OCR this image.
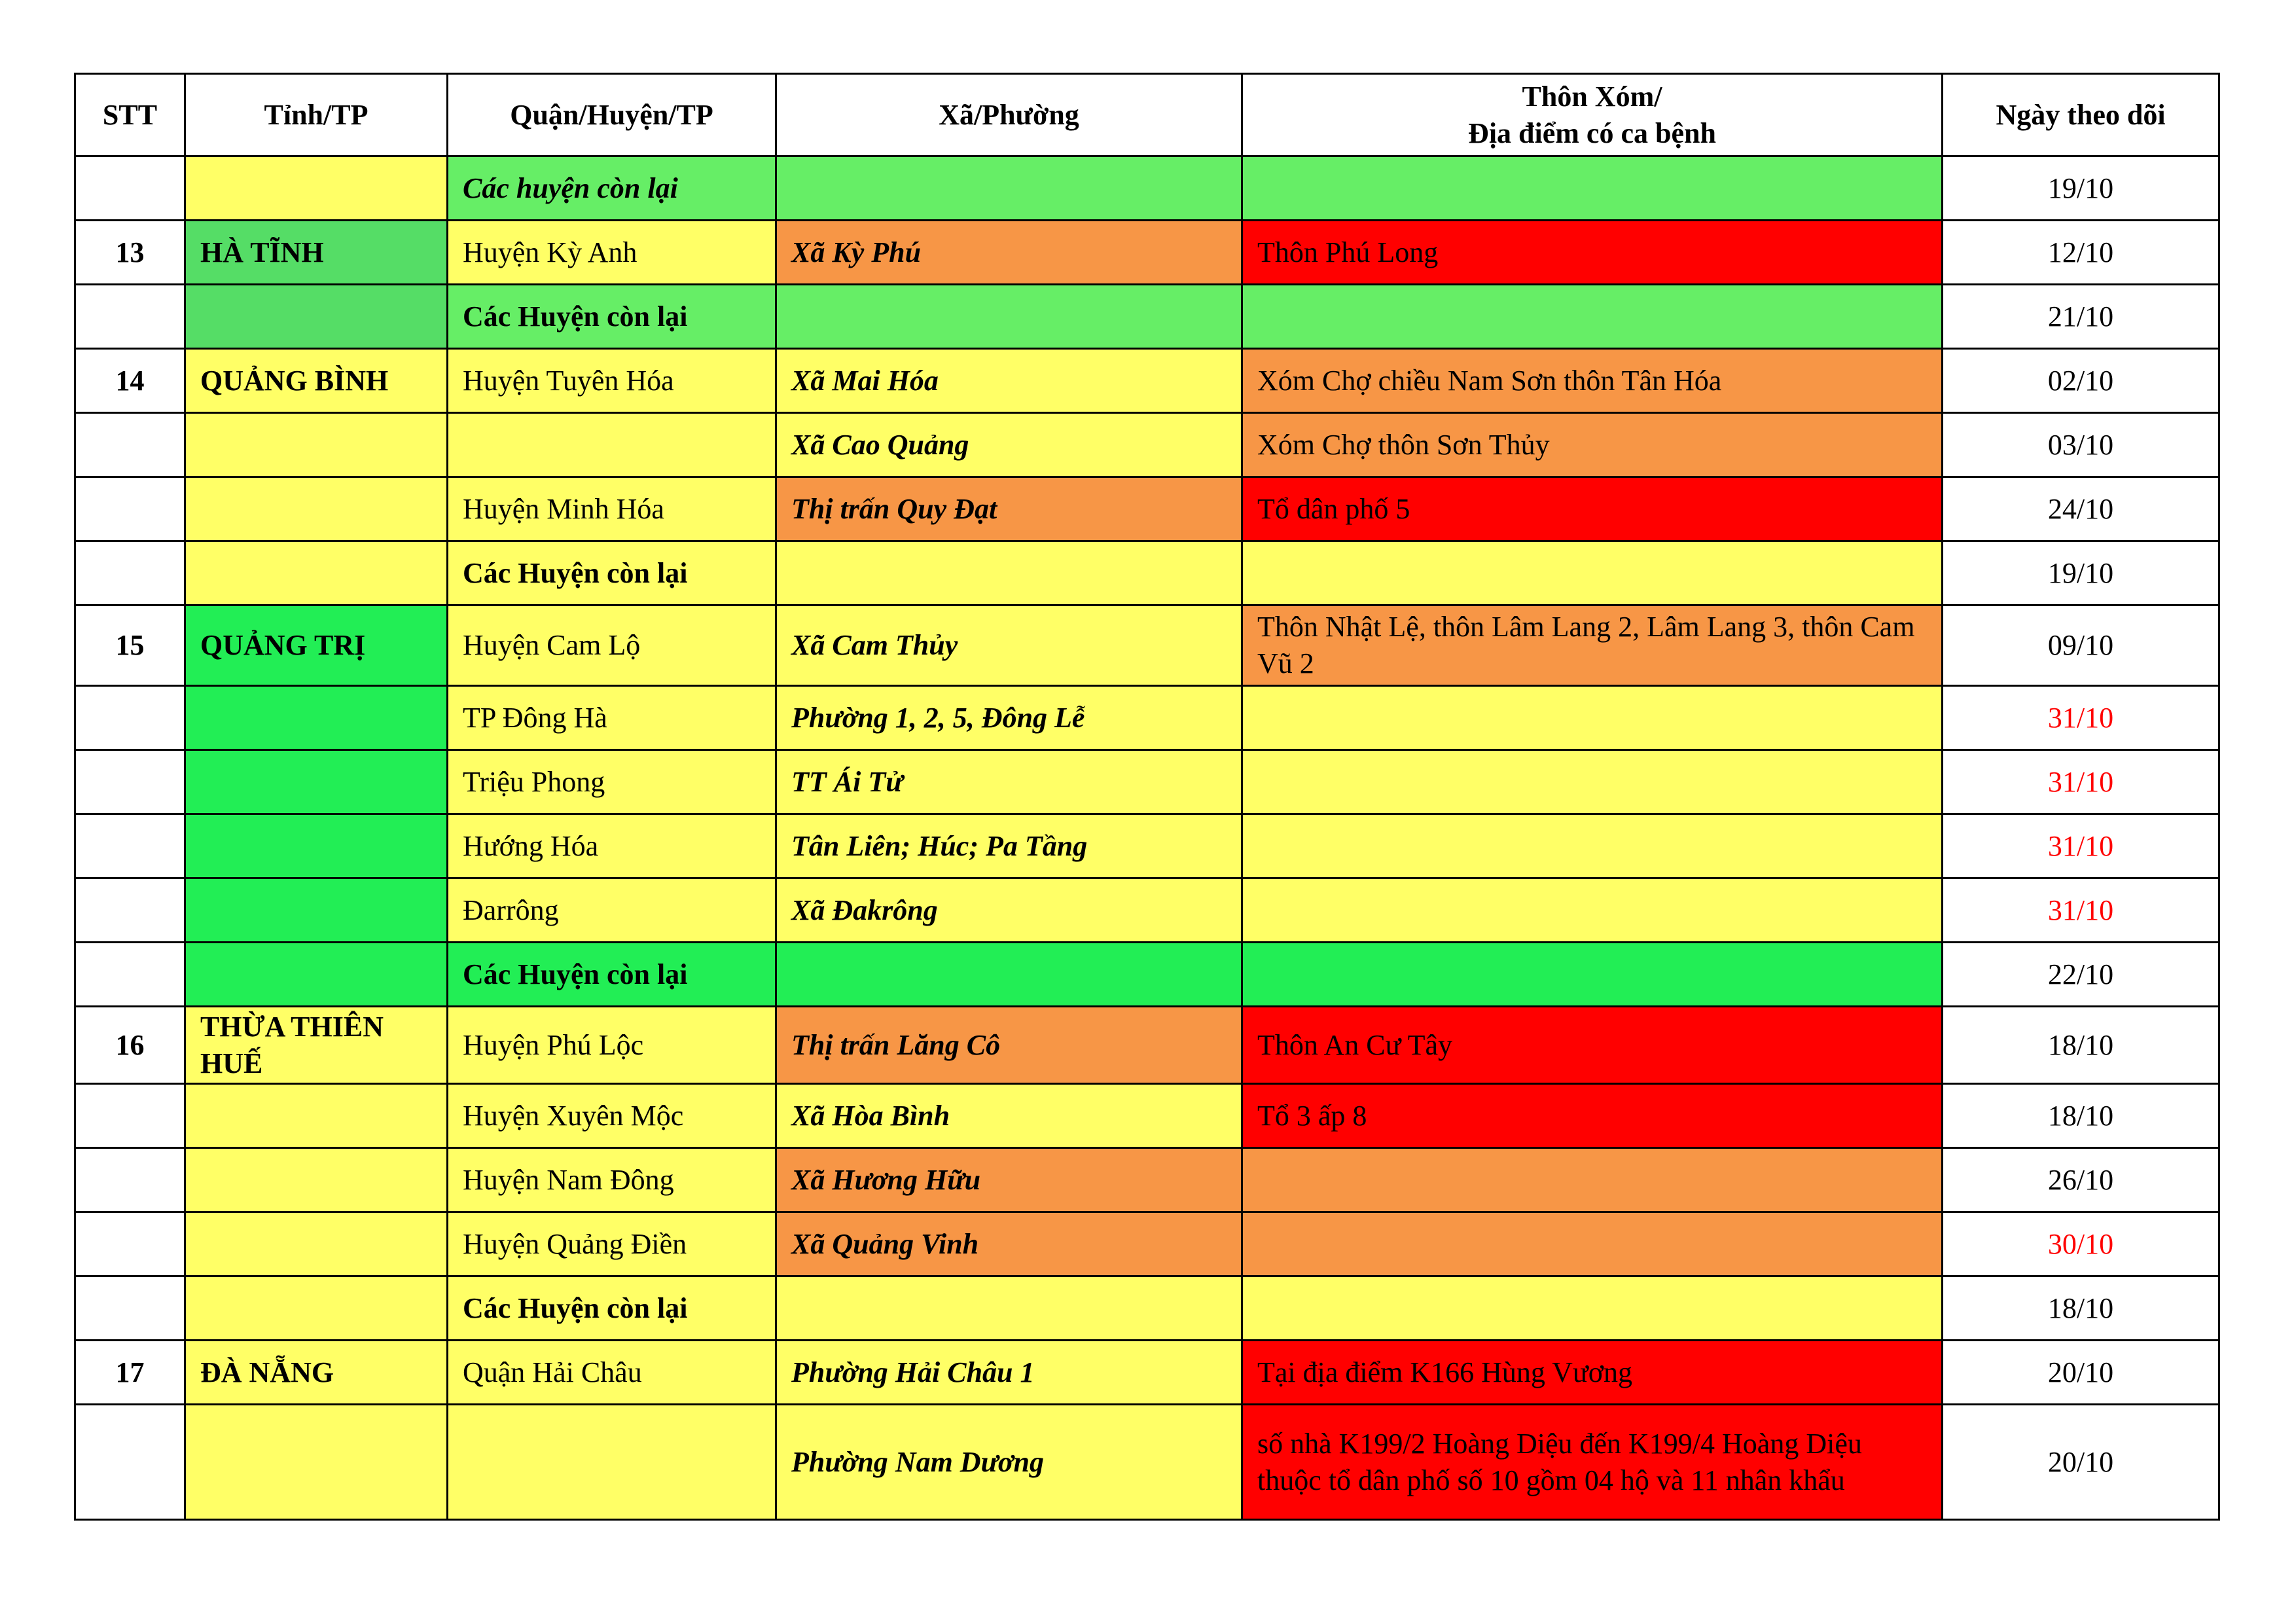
STT	Tỉnh/TP	Quận/Huyện/TP	Xã/Phường	Thôn Xóm/
Địa điểm có ca bệnh	Ngày theo dõi
		Các huyện còn lại			19/10
13	HÀ TĨNH	Huyện Kỳ Anh	Xã Kỳ Phú	Thôn Phú Long	12/10
		Các Huyện còn lại			21/10
14	QUẢNG BÌNH	Huyện Tuyên Hóa	Xã Mai Hóa	Xóm Chợ chiều Nam Sơn thôn Tân Hóa	02/10
			Xã Cao Quảng	Xóm Chợ thôn Sơn Thủy	03/10
		Huyện Minh Hóa	Thị trấn Quy Đạt	Tổ dân phố 5	24/10
		Các Huyện còn lại			19/10
15	QUẢNG TRỊ	Huyện Cam Lộ	Xã Cam Thủy	Thôn Nhật Lệ, thôn Lâm Lang 2, Lâm Lang 3, thôn Cam Vũ 2	09/10
		TP Đông Hà	Phường 1, 2, 5, Đông Lễ		31/10
		Triệu Phong	TT Ái Tử		31/10
		Hướng Hóa	Tân Liên; Húc; Pa Tầng		31/10
		Đarrông	Xã Đakrông		31/10
		Các Huyện còn lại			22/10
16	THỪA THIÊN HUẾ	Huyện Phú Lộc	Thị trấn Lăng Cô	Thôn An Cư Tây	18/10
		Huyện Xuyên Mộc	Xã Hòa Bình	Tổ 3 ấp 8	18/10
		Huyện Nam Đông	Xã Hương Hữu		26/10
		Huyện Quảng Điền	Xã Quảng Vinh		30/10
		Các Huyện còn lại			18/10
17	ĐÀ NẴNG	Quận Hải Châu	Phường Hải Châu 1	Tại địa điểm K166 Hùng Vương	20/10
			Phường Nam Dương	số nhà K199/2 Hoàng Diệu đến K199/4 Hoàng Diệu thuộc tổ dân phố số 10 gồm 04 hộ và 11 nhân khẩu	20/10
